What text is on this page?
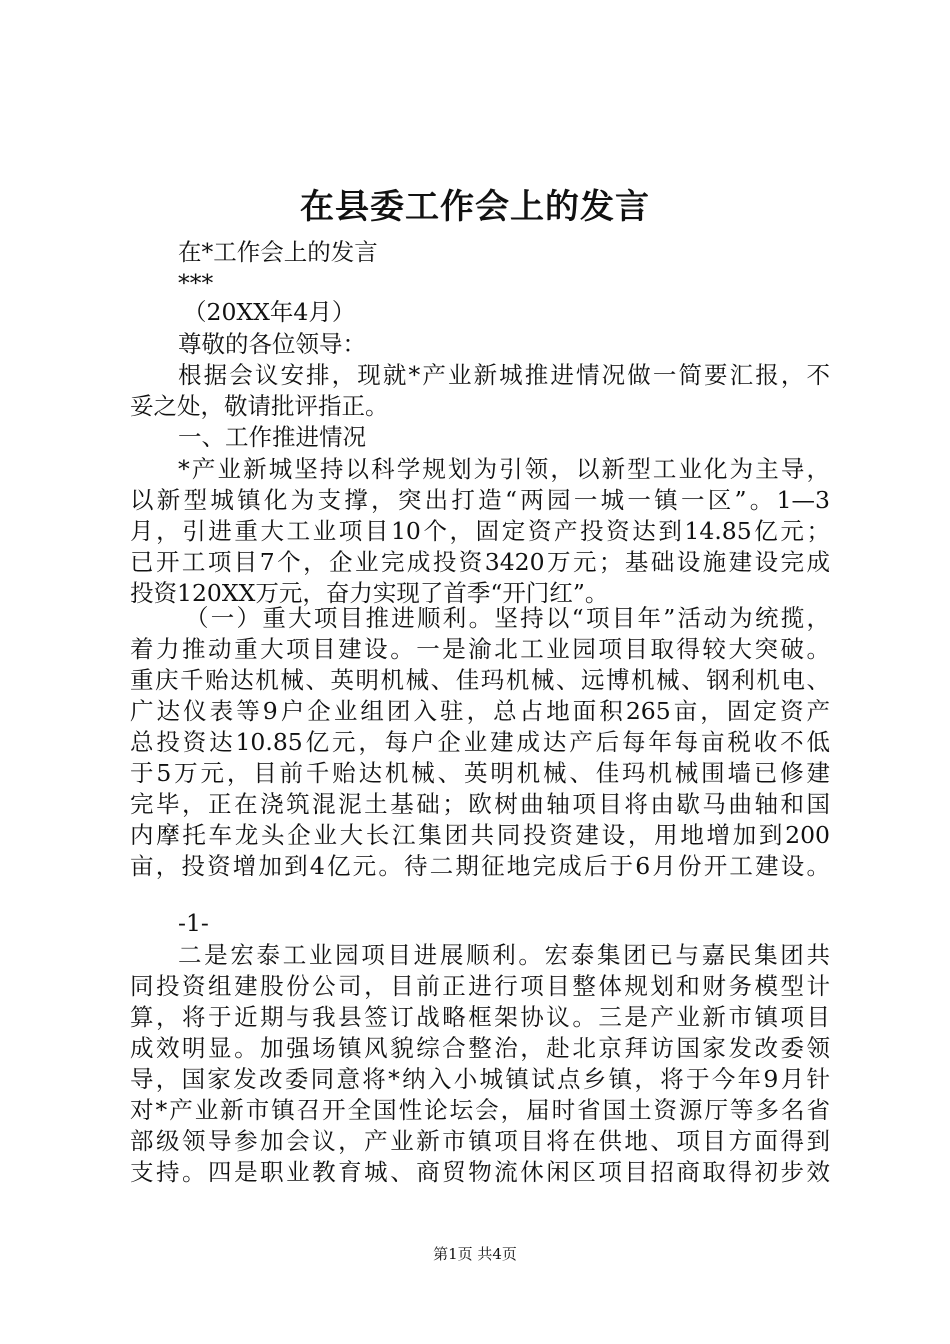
在县委工作会上的发言
在*工作会上的发言
***
（20XX年4月）
尊敬的各位领导：
根据会议安排，现就*产业新城推进情况做一简要汇报，不
妥之处，敬请批评指正。
一、工作推进情况
*产业新城坚持以科学规划为引领，以新型工业化为主导，
以新型城镇化为支撑，突出打造“两园一城一镇一区”。1—3
月，引进重大工业项目10个，固定资产投资达到14.85亿元；
已开工项目7个，企业完成投资3420万元；基础设施建设完成
投资120XX万元，奋力实现了首季“开门红”。
（一）重大项目推进顺利。坚持以“项目年”活动为统揽，
着力推动重大项目建设。一是渝北工业园项目取得较大突破。
重庆千贻达机械、英明机械、佳玛机械、远博机械、钢利机电、
广达仪表等9户企业组团入驻，总占地面积265亩，固定资产
总投资达10.85亿元，每户企业建成达产后每年每亩税收不低
于5万元，目前千贻达机械、英明机械、佳玛机械围墙已修建
完毕，正在浇筑混泥土基础；欧树曲轴项目将由歇马曲轴和国
内摩托车龙头企业大长江集团共同投资建设，用地增加到200
亩，投资增加到4亿元。待二期征地完成后于6月份开工建设。
-1-
二是宏泰工业园项目进展顺利。宏泰集团已与嘉民集团共
同投资组建股份公司，目前正进行项目整体规划和财务模型计
算，将于近期与我县签订战略框架协议。三是产业新市镇项目
成效明显。加强场镇风貌综合整治，赴北京拜访国家发改委领
导，国家发改委同意将*纳入小城镇试点乡镇，将于今年9月针
对*产业新市镇召开全国性论坛会，届时省国土资源厅等多名省
部级领导参加会议，产业新市镇项目将在供地、项目方面得到
支持。四是职业教育城、商贸物流休闲区项目招商取得初步效
第1页 共4页
